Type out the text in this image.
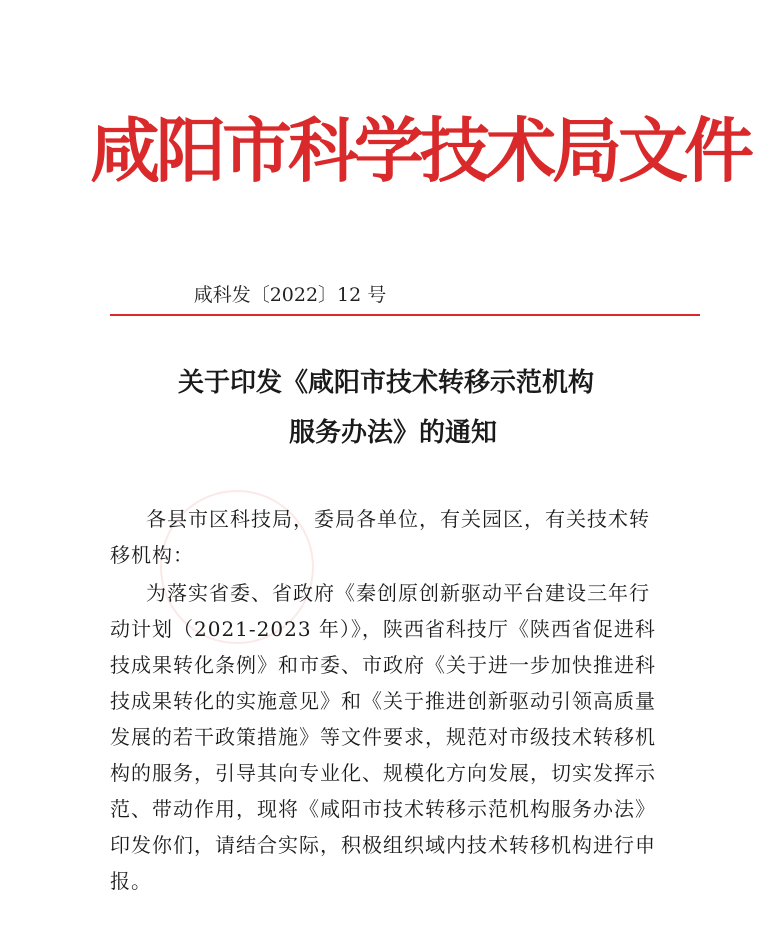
咸阳市科学技术局文件
咸科发〔2022〕12 号
关于印发《咸阳市技术转移示范机构
服务办法》的通知
各县市区科技局，委局各单位，有关园区，有关技术转
移机构：
为落实省委、省政府《秦创原创新驱动平台建设三年行
动计划（2021-2023 年）》，陕西省科技厅《陕西省促进科
技成果转化条例》和市委、市政府《关于进一步加快推进科
技成果转化的实施意见》和《关于推进创新驱动引领高质量
发展的若干政策措施》等文件要求，规范对市级技术转移机
构的服务，引导其向专业化、规模化方向发展，切实发挥示
范、带动作用，现将《咸阳市技术转移示范机构服务办法》
印发你们，请结合实际，积极组织域内技术转移机构进行申
报。
